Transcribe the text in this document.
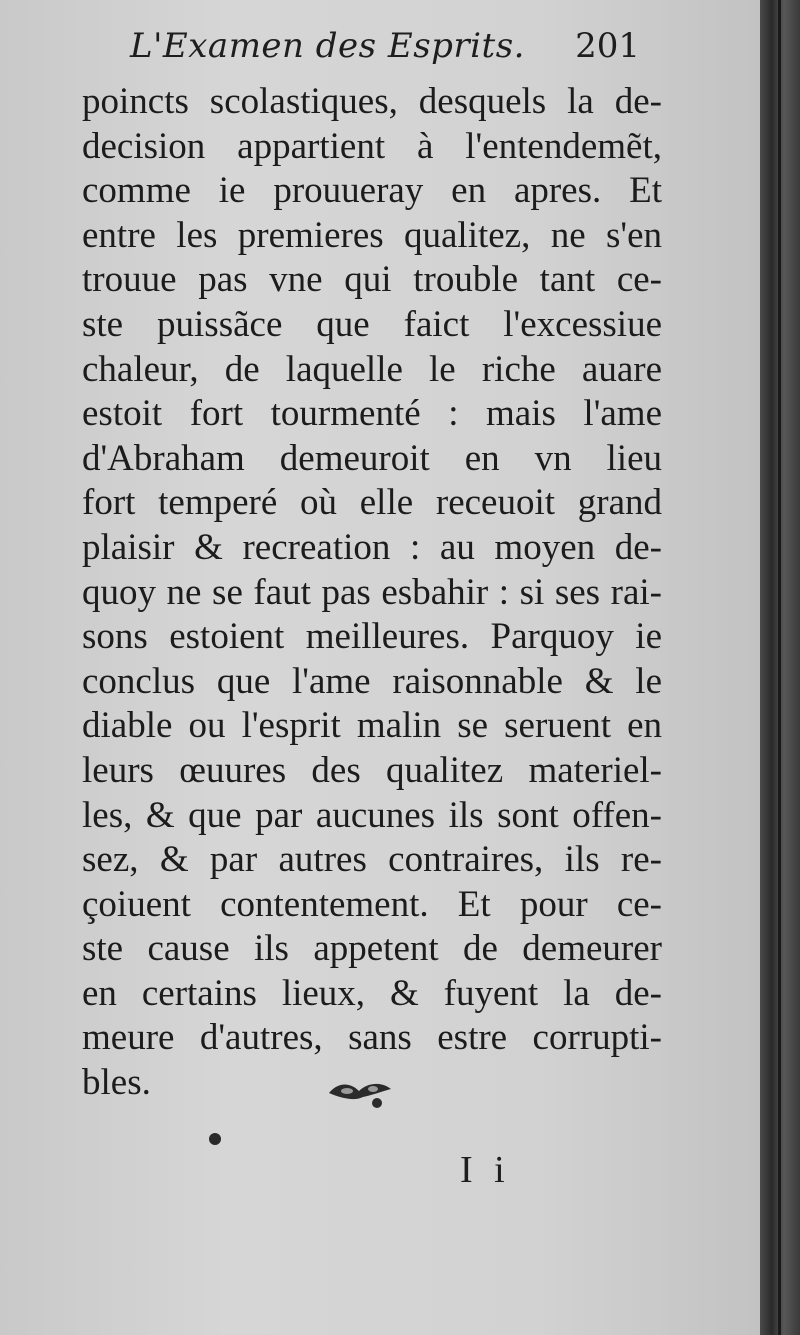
L'Examen des Esprits. 201
poincts scolastiques, desquels la de-
decision appartient à l'entendemẽt,
comme ie prouueray en apres. Et
entre les premieres qualitez, ne s'en
trouue pas vne qui trouble tant ce-
ste puissãce que faict l'excessiue
chaleur, de laquelle le riche auare
estoit fort tourmenté : mais l'ame
d'Abraham demeuroit en vn lieu
fort temperé où elle receuoit grand
plaisir & recreation : au moyen de-
quoy ne se faut pas esbahir : si ses rai-
sons estoient meilleures. Parquoy ie
conclus que l'ame raisonnable & le
diable ou l'esprit malin se seruent en
leurs œuures des qualitez materiel-
les, & que par aucunes ils sont offen-
sez, & par autres contraires, ils re-
çoiuent contentement. Et pour ce-
ste cause ils appetent de demeurer
en certains lieux, & fuyent la de-
meure d'autres, sans estre corrupti-
bles.
I i
